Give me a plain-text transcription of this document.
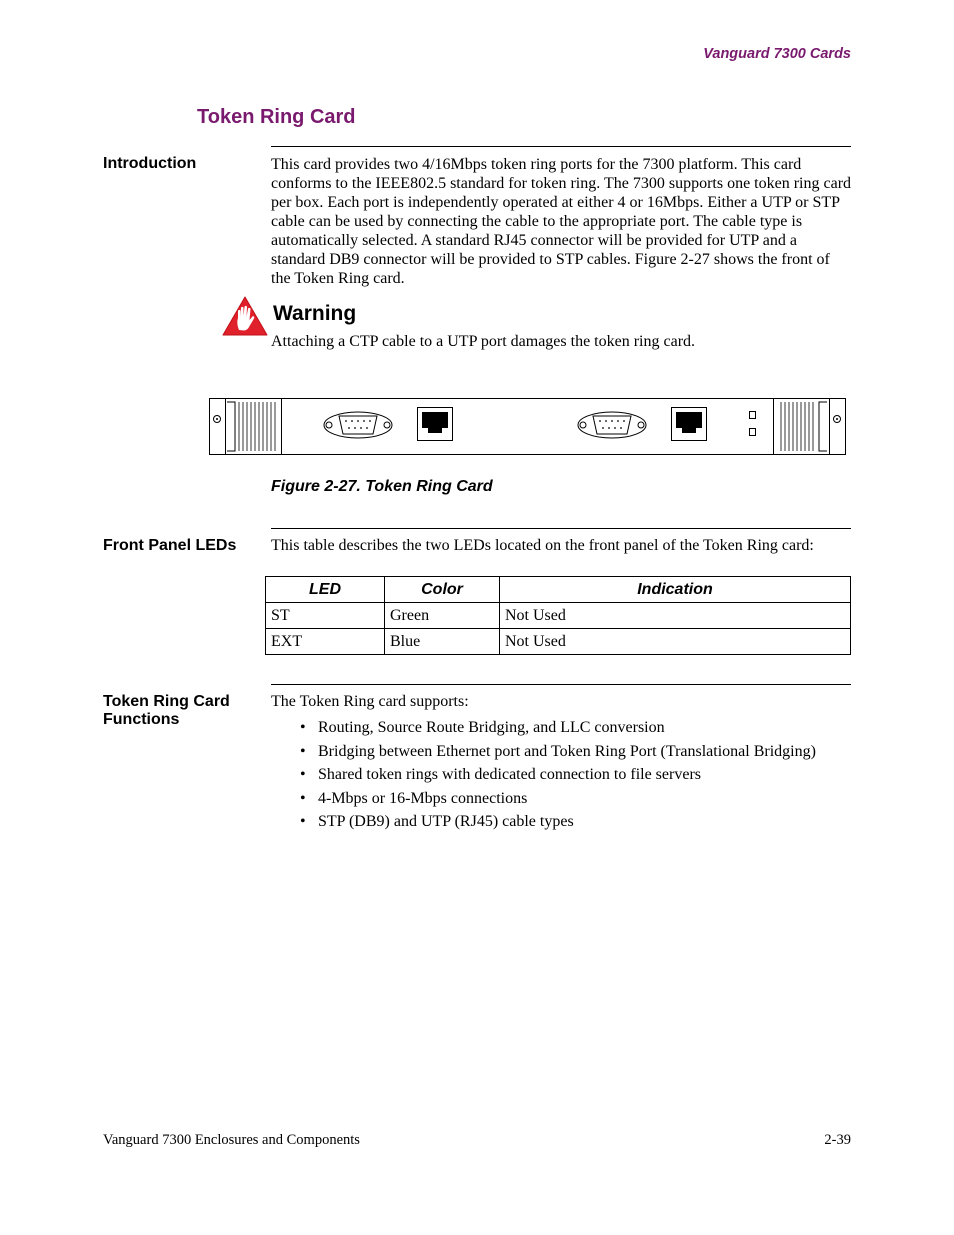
Vanguard 7300 Cards
Token Ring Card
Introduction	This card provides two 4/16Mbps token ring ports for the 7300 platform. This card conforms to the IEEE802.5 standard for token ring. The 7300 supports one token ring card per box. Each port is independently operated at either 4 or 16Mbps. Either a UTP or STP cable can be used by connecting the cable to the appropriate port. The cable type is automatically selected. A standard RJ45 connector will be provided for UTP and a standard DB9 connector will be provided to STP cables. Figure 2-27 shows the front of the Token Ring card.
Warning
Attaching a CTP cable to a UTP port damages the token ring card.
Figure 2-27. Token Ring Card
Front Panel LEDs This table describes the two LEDs located on the front panel of the Token Ring card:
LED	Color	Indication
ST	Green	Not Used
EXT	Blue	Not Used
Token Ring Card
Functions
The Token Ring card supports:
• Routing, Source Route Bridging, and LLC conversion
• Bridging between Ethernet port and Token Ring Port (Translational Bridging)
• Shared token rings with dedicated connection to file servers
• 4-Mbps or 16-Mbps connections
• STP (DB9) and UTP (RJ45) cable types
Vanguard 7300 Enclosures and Components	2-39
